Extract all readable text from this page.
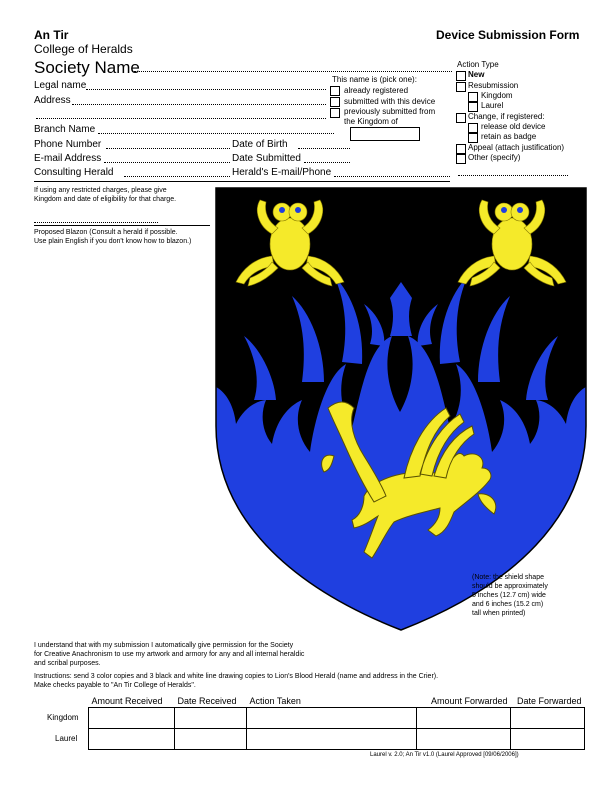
An Tir
College of Heralds
Device Submission Form
Society Name
Legal name
Address
Branch Name
Phone Number	Date of Birth
E-mail Address	Date Submitted
Consulting Herald	Herald's E-mail/Phone
This name is (pick one):
already registered
submitted with this device
previously submitted from
the Kingdom of
Action Type
New
Resubmission
Kingdom
Laurel
Change, if registered:
release old device
retain as badge
Appeal (attach justification)
Other (specify)
If using any restricted charges, please give
Kingdom and date of eligibility for that charge.
Proposed Blazon (Consult a herald if possible.
Use plain English if you don't know how to blazon.)
(Note: the shield shape
should be approximately
5 inches (12.7 cm) wide
and 6 inches (15.2 cm)
tall when printed)
I understand that with my submission I automatically give permission for the Society
for Creative Anachronism to use my artwork and armory for any and all internal heraldic
and scribal purposes.
Instructions: send 3 color copies and 3 black and white line drawing copies to Lion's Blood Herald (name and address in the Crier).
Make checks payable to "An Tir College of Heralds".
Amount Received	Date Received	Action Taken	Amount Forwarded	Date Forwarded

Kingdom
Laurel
Laurel v. 2.0; An Tir v1.0 (Laurel Approved [09/06/2006])
